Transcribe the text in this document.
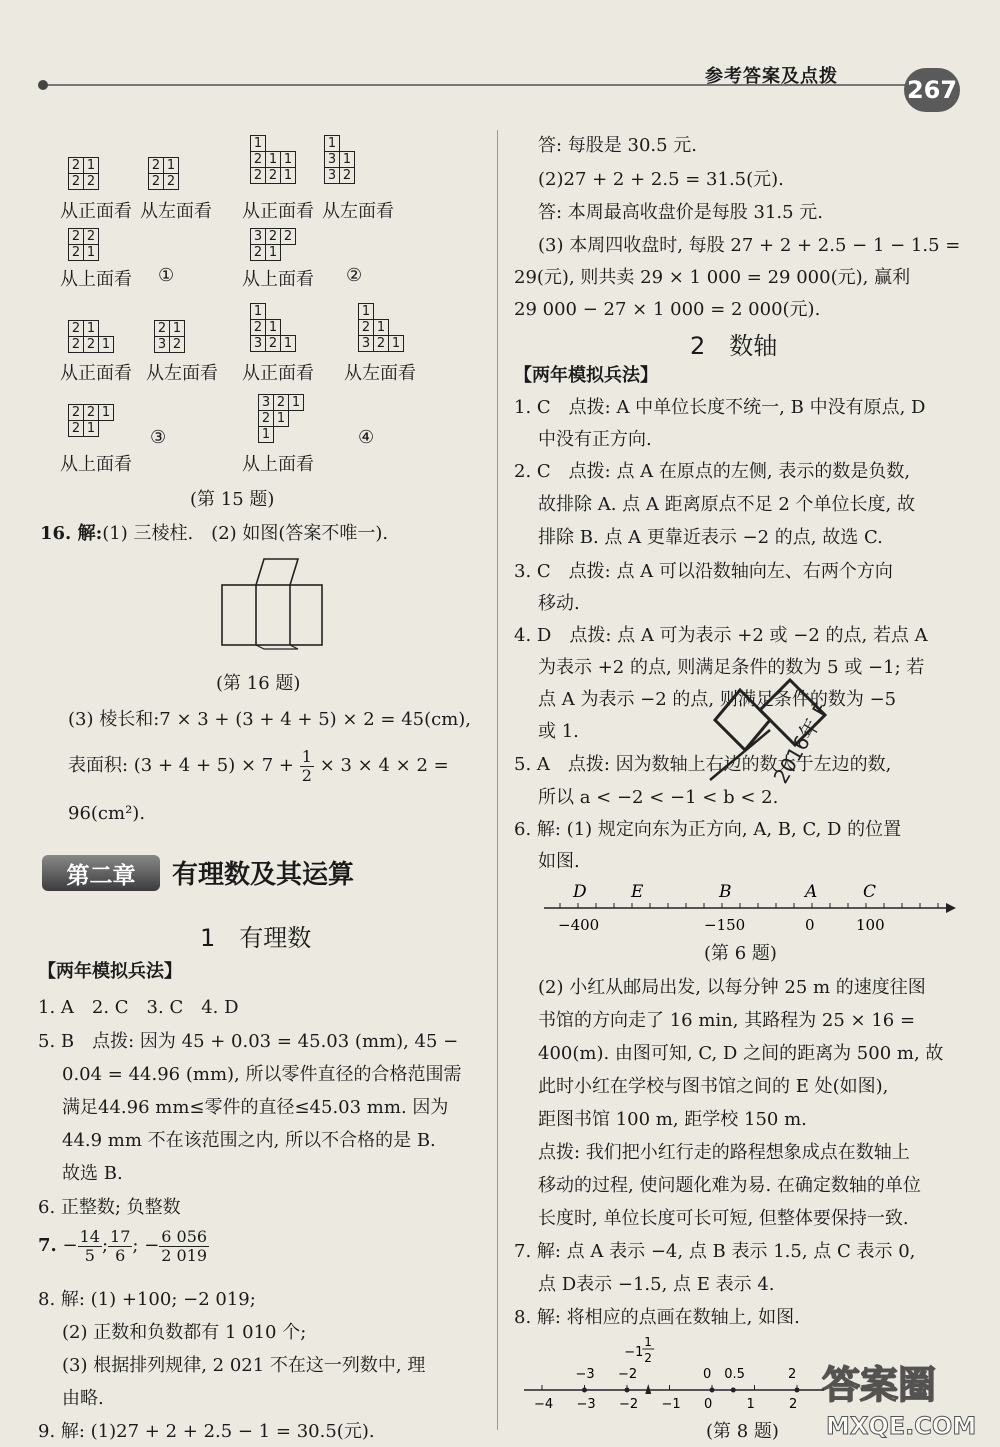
参考答案及点拨	267
2	1
2	2
2	1
2	2
2	2
2	1
1		
2	1	1
2	2	1
1	
3	1
3	2
3	2	2
2	1	
2	1	
2	2	1
2	1
3	2
2	2	1
2	1	
1		
2	1	
3	2	1
1		
2	1	
3	2	1
3	2	1
2	1	
1		
从正面看 从左面看
从上面看 ①
从正面看 从左面看
从上面看 ②
从正面看 从左面看
从上面看
③
从正面看 从左面看
从上面看
④
(第 15 题)
16. 解:(1) 三棱柱.　(2) 如图(答案不唯一).
(第 16 题)
(3) 棱长和:7 × 3 + (3 + 4 + 5) × 2 = 45(cm),
表面积: $(3 + 4 + 5) \times 7 + \frac{1}{2} \times 3 \times 4 \times 2$ =
96(cm²).
第二章	有理数及其运算
1　有理数
【两年模拟兵法】
1. A　2. C　3. C　4. D
5. B　点拨: 因为 45 + 0.03 = 45.03 (mm), 45 −
0.04 = 44.96 (mm), 所以零件直径的合格范围需
满足44.96 mm≤零件的直径≤45.03 mm. 因为
44.9 mm 不在该范围之内, 所以不合格的是 B.
故选 B.
6. 正整数; 负整数
7. − $\frac{14}{5}$ ; $\frac{17}{6}$ ; − $\frac{6 056}{2 019}$
8. 解: (1) +100; −2 019;
(2) 正数和负数都有 1 010 个;
(3) 根据排列规律, 2 021 不在这一列数中, 理
由略.
9. 解: (1)27 + 2 + 2.5 − 1 = 30.5(元).
答: 每股是 30.5 元.
(2)27 + 2 + 2.5 = 31.5(元).
答: 本周最高收盘价是每股 31.5 元.
(3) 本周四收盘时, 每股 27 + 2 + 2.5 − 1 − 1.5 =
29(元), 则共卖 29 × 1 000 = 29 000(元), 赢利
29 000 − 27 × 1 000 = 2 000(元).
2　数轴
【两年模拟兵法】
1. C　点拨: A 中单位长度不统一, B 中没有原点, D
中没有正方向.
2. C　点拨: 点 A 在原点的左侧, 表示的数是负数,
故排除 A. 点 A 距离原点不足 2 个单位长度, 故
排除 B. 点 A 更靠近表示 −2 的点, 故选 C.
3. C　点拨: 点 A 可以沿数轴向左、右两个方向
移动.
4. D　点拨: 点 A 可为表示 +2 或 −2 的点, 若点 A
为表示 +2 的点, 则满足条件的数为 5 或 −1; 若
点 A 为表示 −2 的点, 则满足条件的数为 −5
或 1.
5. A　点拨: 因为数轴上右边的数大于左边的数,
所以 a < −2 < −1 < b < 2.
6. 解: (1) 规定向东为正方向, A, B, C, D 的位置
如图.
D	E	B	A	C
−400	−150	0	100
(第 6 题)
(2) 小红从邮局出发, 以每分钟 25 m 的速度往图
书馆的方向走了 16 min, 其路程为 25 × 16 =
400(m). 由图可知, C, D 之间的距离为 500 m, 故
此时小红在学校与图书馆之间的 E 处(如图),
距图书馆 100 m, 距学校 150 m.
点拨: 我们把小红行走的路程想象成点在数轴上
移动的过程, 使问题化难为易. 在确定数轴的单位
长度时, 单位长度可长可短, 但整体要保持一致.
7. 解: 点 A 表示 −4, 点 B 表示 1.5, 点 C 表示 0,
点 D表示 −1.5, 点 E 表示 4.
8. 解: 将相应的点画在数轴上, 如图.
−4 −3 −2 −1 0	1	2
−3 −2	0 0.5	2
−1
1
2
(第 8 题)
2016年 F
答案圈
MXQE.COM
